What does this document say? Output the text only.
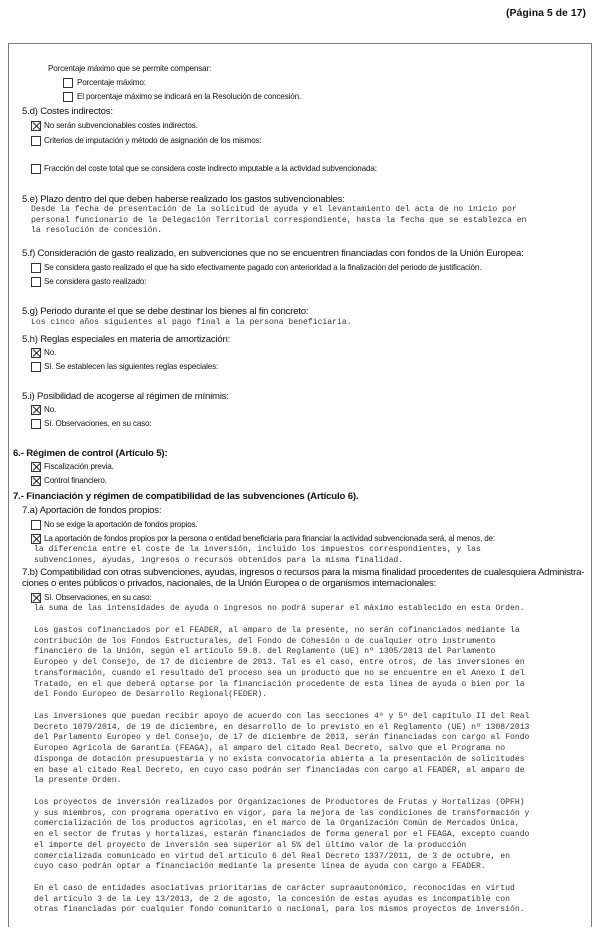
(Página 5 de 17)
Porcentaje máximo que se permite compensar:
Porcentaje máximo:
El porcentaje máximo se indicará en la Resolución de concesión.
5.d) Costes indirectos:
No serán subvencionables costes indirectos.
Criterios de imputación y método de asignación de los mismos:
Fracción del coste total que se considera coste indirecto imputable a la actividad subvencionada:
5.e) Plazo dentro del que deben haberse realizado los gastos subvencionables:
Desde la fecha de presentación de la solicitud de ayuda y el levantamiento del acta de no inicio por
personal funcionario de la Delegación Territorial correspondiente, hasta la fecha que se establezca en
la resolución de concesión.
5.f) Consideración de gasto realizado, en subvenciones que no se encuentren financiadas con fondos de la Unión Europea:
Se considera gasto realizado el que ha sido efectivamente pagado con anterioridad a la finalización del periodo de justificación.
Se considera gasto realizado:
5.g) Periodo durante el que se debe destinar los bienes al fin concreto:
Los cinco años siguientes al pago final a la persona beneficiaria.
5.h) Reglas especiales en materia de amortización:
No.
Sí. Se establecen las siguientes reglas especiales:
5.i) Posibilidad de acogerse al régimen de mínimis:
No.
Sí. Observaciones, en su caso:
6.- Régimen de control (Artículo 5):
Fiscalización previa.
Control financiero.
7.- Financiación y régimen de compatibilidad de las subvenciones (Artículo 6).
7.a) Aportación de fondos propios:
No se exige la aportación de fondos propios.
La aportación de fondos propios por la persona o entidad beneficiaria para financiar la actividad subvencionada será, al menos, de:
la diferencia entre el coste de la inversión, incluido los impuestos correspondientes, y las
subvenciones, ayudas, ingresos o recursos obtenidos para la misma finalidad.
7.b) Compatibilidad con otras subvenciones, ayudas, ingresos o recursos para la misma finalidad procedentes de cualesquiera Administra-
ciones o entes públicos o privados, nacionales, de la Unión Europea o de organismos internacionales:
Sí. Observaciones, en su caso:
la suma de las intensidades de ayuda o ingresos no podrá superar el máximo establecido en esta Orden.
Los gastos cofinanciados por el FEADER, al amparo de la presente, no serán cofinanciados mediante la
contribución de los Fondos Estructurales, del Fondo de Cohesión o de cualquier otro instrumento
financiero de la Unión, según el artículo 59.8. del Reglamento (UE) nº 1305/2013 del Parlamento
Europeo y del Consejo, de 17 de diciembre de 2013. Tal es el caso, entre otros, de las inversiones en
transformación, cuando el resultado del proceso sea un producto que no se encuentre en el Anexo I del
Tratado, en el que deberá optarse por la financiación procedente de esta línea de ayuda o bien por la
del Fondo Europeo de Desarrollo Regional(FEDER).
Las inversiones que puedan recibir apoyo de acuerdo con las secciones 4ª y 5ª del capítulo II del Real
Decreto 1079/2014, de 19 de diciembre, en desarrollo de lo previsto en el Reglamento (UE) nº 1308/2013
del Parlamento Europeo y del Consejo, de 17 de diciembre de 2013, serán financiadas con cargo al Fondo
Europeo Agrícola de Garantía (FEAGA), al amparo del citado Real Decreto, salvo que el Programa no
disponga de dotación presupuestaria y no exista convocatoria abierta a la presentación de solicitudes
en base al citado Real Decreto, en cuyo caso podrán ser financiadas con cargo al FEADER, al amparo de
la presente Orden.
Los proyectos de inversión realizados por Organizaciones de Productores de Frutas y Hortalizas (OPFH)
y sus miembros, con programa operativo en vigor, para la mejora de las condiciones de transformación y
comercialización de los productos agrícolas, en el marco de la Organización Común de Mercados Única,
en el sector de frutas y hortalizas, estarán financiados de forma general por el FEAGA, excepto cuando
el importe del proyecto de inversión sea superior al 5% del último valor de la producción
comercializada comunicado en virtud del artículo 6 del Real Decreto 1337/2011, de 3 de octubre, en
cuyo caso podrán optar a financiación mediante la presente línea de ayuda con cargo a FEADER.
En el caso de entidades asociativas prioritarias de carácter supraautonómico, reconocidas en virtud
del artículo 3 de la Ley 13/2013, de 2 de agosto, la concesión de estas ayudas es incompatible con
otras financiadas por cualquier fondo comunitario o nacional, para los mismos proyectos de inversión.
